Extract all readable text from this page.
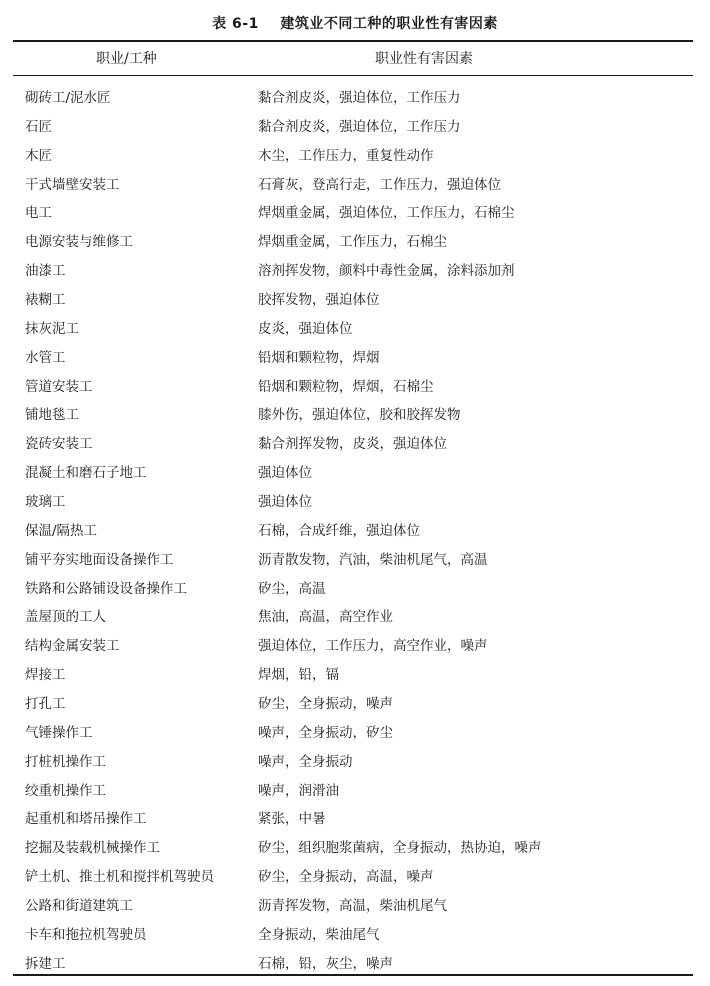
表 6-1    建筑业不同工种的职业性有害因素
职业/工种	职业性有害因素
砌砖工/泥水匠	黏合剂皮炎，强迫体位，工作压力
石匠	黏合剂皮炎，强迫体位，工作压力
木匠	木尘，工作压力，重复性动作
干式墙壁安装工	石膏灰，登高行走，工作压力，强迫体位
电工	焊烟重金属，强迫体位，工作压力，石棉尘
电源安装与维修工	焊烟重金属，工作压力，石棉尘
油漆工	溶剂挥发物，颜料中毒性金属，涂料添加剂
裱糊工	胶挥发物，强迫体位
抹灰泥工	皮炎，强迫体位
水管工	铅烟和颗粒物，焊烟
管道安装工	铅烟和颗粒物，焊烟，石棉尘
铺地毯工	膝外伤，强迫体位，胶和胶挥发物
瓷砖安装工	黏合剂挥发物，皮炎，强迫体位
混凝土和磨石子地工	强迫体位
玻璃工	强迫体位
保温/隔热工	石棉，合成纤维，强迫体位
铺平夯实地面设备操作工	沥青散发物，汽油，柴油机尾气，高温
铁路和公路铺设设备操作工	矽尘，高温
盖屋顶的工人	焦油，高温，高空作业
结构金属安装工	强迫体位，工作压力，高空作业，噪声
焊接工	焊烟，铅，镉
打孔工	矽尘，全身振动，噪声
气锤操作工	噪声，全身振动，矽尘
打桩机操作工	噪声，全身振动
绞重机操作工	噪声，润滑油
起重机和塔吊操作工	紧张，中暑
挖掘及装载机械操作工	矽尘，组织胞浆菌病，全身振动，热协迫，噪声
铲土机、推土机和搅拌机驾驶员	矽尘，全身振动，高温，噪声
公路和街道建筑工	沥青挥发物，高温，柴油机尾气
卡车和拖拉机驾驶员	全身振动，柴油尾气
拆建工	石棉，铅，灰尘，噪声
